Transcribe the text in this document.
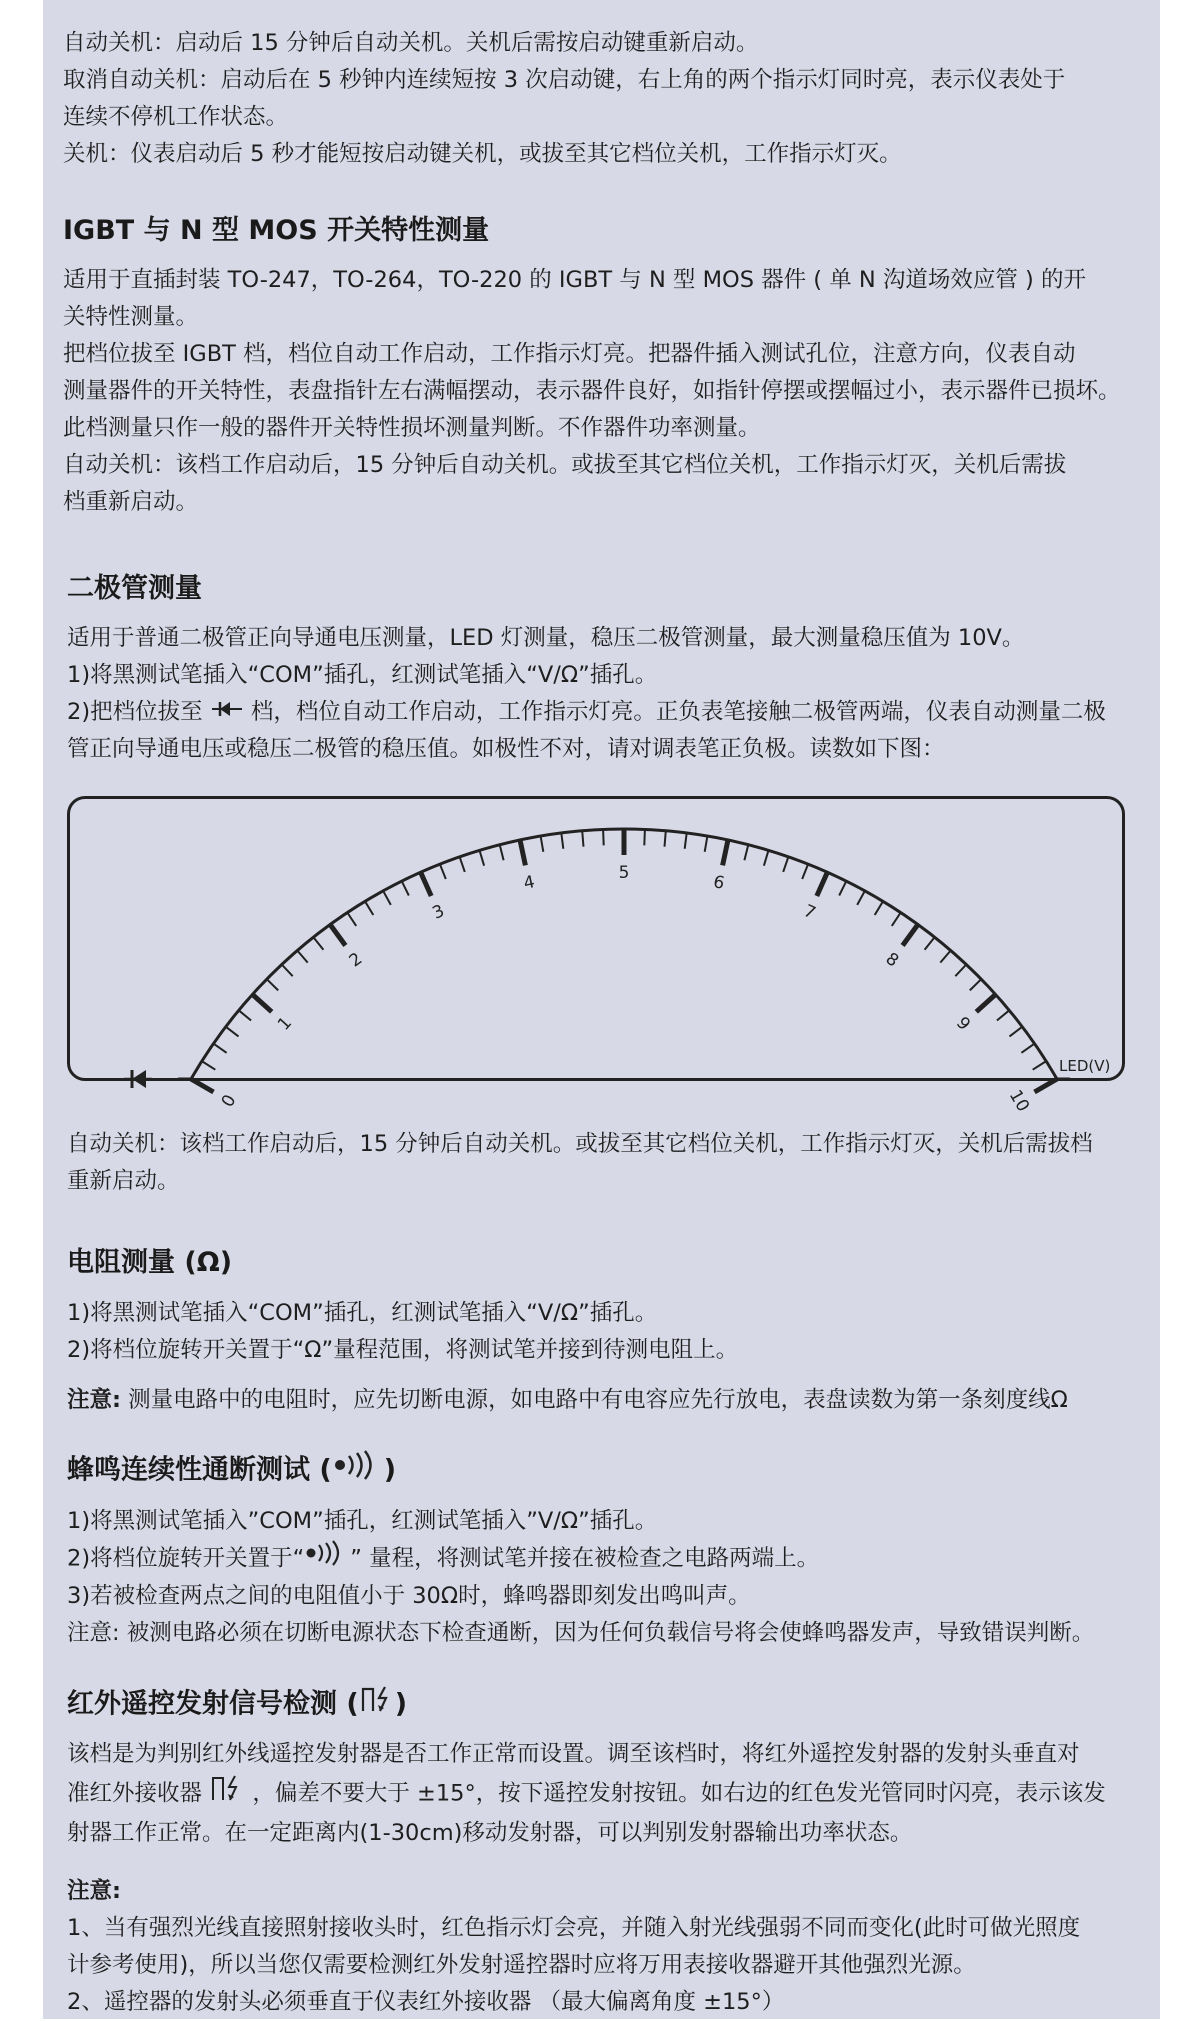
自动关机：启动后 15 分钟后自动关机。关机后需按启动键重新启动。

取消自动关机：启动后在 5 秒钟内连续短按 3 次启动键，右上角的两个指示灯同时亮，表示仪表处于

连续不停机工作状态。

关机：仪表启动后 5 秒才能短按启动键关机，或拔至其它档位关机，工作指示灯灭。

IGBT 与 N 型 MOS 开关特性测量

适用于直插封装 TO-247，TO-264，TO-220 的 IGBT 与 N 型 MOS 器件 ( 单 N 沟道场效应管 ) 的开

关特性测量。

把档位拔至 IGBT 档，档位自动工作启动，工作指示灯亮。把器件插入测试孔位，注意方向，仪表自动

测量器件的开关特性，表盘指针左右满幅摆动，表示器件良好，如指针停摆或摆幅过小，表示器件已损坏。

此档测量只作一般的器件开关特性损坏测量判断。不作器件功率测量。

自动关机：该档工作启动后，15 分钟后自动关机。或拔至其它档位关机，工作指示灯灭，关机后需拔

档重新启动。

二极管测量

适用于普通二极管正向导通电压测量，LED 灯测量，稳压二极管测量，最大测量稳压值为 10V。

1)将黑测试笔插入“COM”插孔，红测试笔插入“V/Ω”插孔。

2)把档位拔至 档，档位自动工作启动，工作指示灯亮。正负表笔接触二极管两端，仪表自动测量二极

管正向导通电压或稳压二极管的稳压值。如极性不对，请对调表笔正负极。读数如下图：

0
1
2
3
4	5	6
7
8
9
10
LED(V)

自动关机：该档工作启动后，15 分钟后自动关机。或拔至其它档位关机，工作指示灯灭，关机后需拔档

重新启动。

电阻测量 (Ω)

1)将黑测试笔插入“COM”插孔，红测试笔插入“V/Ω”插孔。

2)将档位旋转开关置于“Ω”量程范围，将测试笔并接到待测电阻上。

注意: 测量电路中的电阻时，应先切断电源，如电路中有电容应先行放电，表盘读数为第一条刻度线Ω

蜂鸣连续性通断测试 ( )

1)将黑测试笔插入”COM”插孔，红测试笔插入”V/Ω”插孔。

2)将档位旋转开关置于“ ” 量程，将测试笔并接在被检查之电路两端上。

3)若被检查两点之间的电阻值小于 30Ω时，蜂鸣器即刻发出鸣叫声。

注意: 被测电路必须在切断电源状态下检查通断，因为任何负载信号将会使蜂鸣器发声，导致错误判断。

红外遥控发射信号检测 ( )

该档是为判别红外线遥控发射器是否工作正常而设置。调至该档时，将红外遥控发射器的发射头垂直对

准红外接收器 ，偏差不要大于 ±15°，按下遥控发射按钮。如右边的红色发光管同时闪亮，表示该发

射器工作正常。在一定距离内(1-30cm)移动发射器，可以判别发射器输出功率状态。

注意:

1、当有强烈光线直接照射接收头时，红色指示灯会亮，并随入射光线强弱不同而变化(此时可做光照度

计参考使用)，所以当您仅需要检测红外发射遥控器时应将万用表接收器避开其他强烈光源。

2、遥控器的发射头必须垂直于仪表红外接收器 （最大偏离角度 ±15°）
